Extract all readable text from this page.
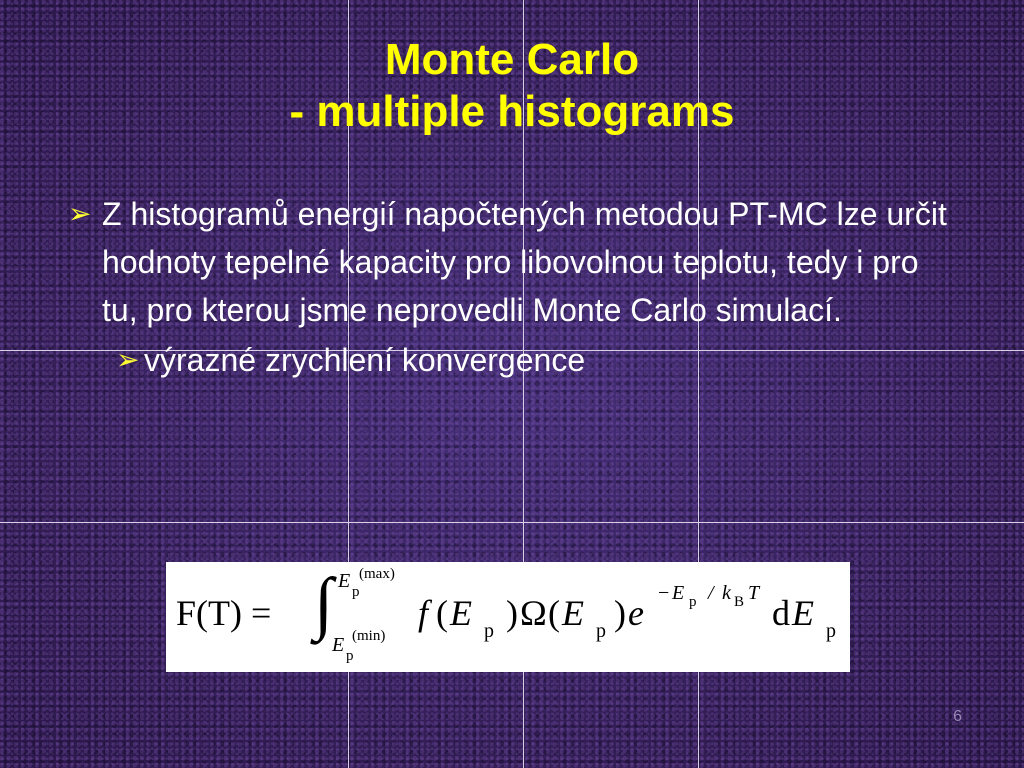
Monte Carlo
- multiple histograms
➢ Z histogramů energií napočtených metodou PT-MC lze určit hodnoty tepelné kapacity pro libovolnou teplotu, tedy i pro tu, pro kterou jsme neprovedli Monte Carlo simulací.
➢ výrazné zrychlení konvergence
F(T) = ∫ E p
(max)
E p
(min)
f ( E p ) Ω ( E p ) e − E p / k B T d E p
6
